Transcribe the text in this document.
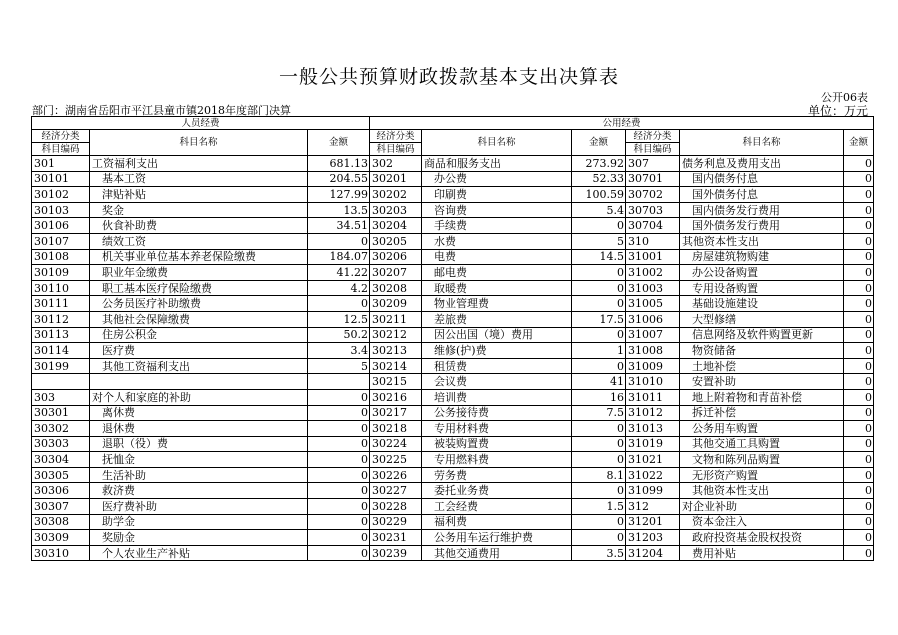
一般公共预算财政拨款基本支出决算表
公开06表
部门：湖南省岳阳市平江县童市镇2018年度部门决算	单位：万元
人员经费			公用经费					
经济分类	科目名称	金额	经济分类	科目名称	金额	经济分类	科目名称	金额
科目编码			科目编码			科目编码		
301	工资福利支出	681.13	302	商品和服务支出	273.92	307	债务利息及费用支出	0
30101	基本工资	204.55	30201	办公费	52.33	30701	国内债务付息	0
30102	津贴补贴	127.99	30202	印刷费	100.59	30702	国外债务付息	0
30103	奖金	13.5	30203	咨询费	5.4	30703	国内债务发行费用	0
30106	伙食补助费	34.51	30204	手续费	0	30704	国外债务发行费用	0
30107	绩效工资	0	30205	水费	5	310	其他资本性支出	0
30108	机关事业单位基本养老保险缴费	184.07	30206	电费	14.5	31001	房屋建筑物购建	0
30109	职业年金缴费	41.22	30207	邮电费	0	31002	办公设备购置	0
30110	职工基本医疗保险缴费	4.2	30208	取暖费	0	31003	专用设备购置	0
30111	公务员医疗补助缴费	0	30209	物业管理费	0	31005	基础设施建设	0
30112	其他社会保障缴费	12.5	30211	差旅费	17.5	31006	大型修缮	0
30113	住房公积金	50.2	30212	因公出国（境）费用	0	31007	信息网络及软件购置更新	0
30114	医疗费	3.4	30213	维修(护)费	1	31008	物资储备	0
30199	其他工资福利支出	5	30214	租赁费	0	31009	土地补偿	0
			30215	会议费	41	31010	安置补助	0
303	对个人和家庭的补助	0	30216	培训费	16	31011	地上附着物和青苗补偿	0
30301	离休费	0	30217	公务接待费	7.5	31012	拆迁补偿	0
30302	退休费	0	30218	专用材料费	0	31013	公务用车购置	0
30303	退职（役）费	0	30224	被装购置费	0	31019	其他交通工具购置	0
30304	抚恤金	0	30225	专用燃料费	0	31021	文物和陈列品购置	0
30305	生活补助	0	30226	劳务费	8.1	31022	无形资产购置	0
30306	救济费	0	30227	委托业务费	0	31099	其他资本性支出	0
30307	医疗费补助	0	30228	工会经费	1.5	312	对企业补助	0
30308	助学金	0	30229	福利费	0	31201	资本金注入	0
30309	奖励金	0	30231	公务用车运行维护费	0	31203	政府投资基金股权投资	0
30310	个人农业生产补贴	0	30239	其他交通费用	3.5	31204	费用补贴	0
